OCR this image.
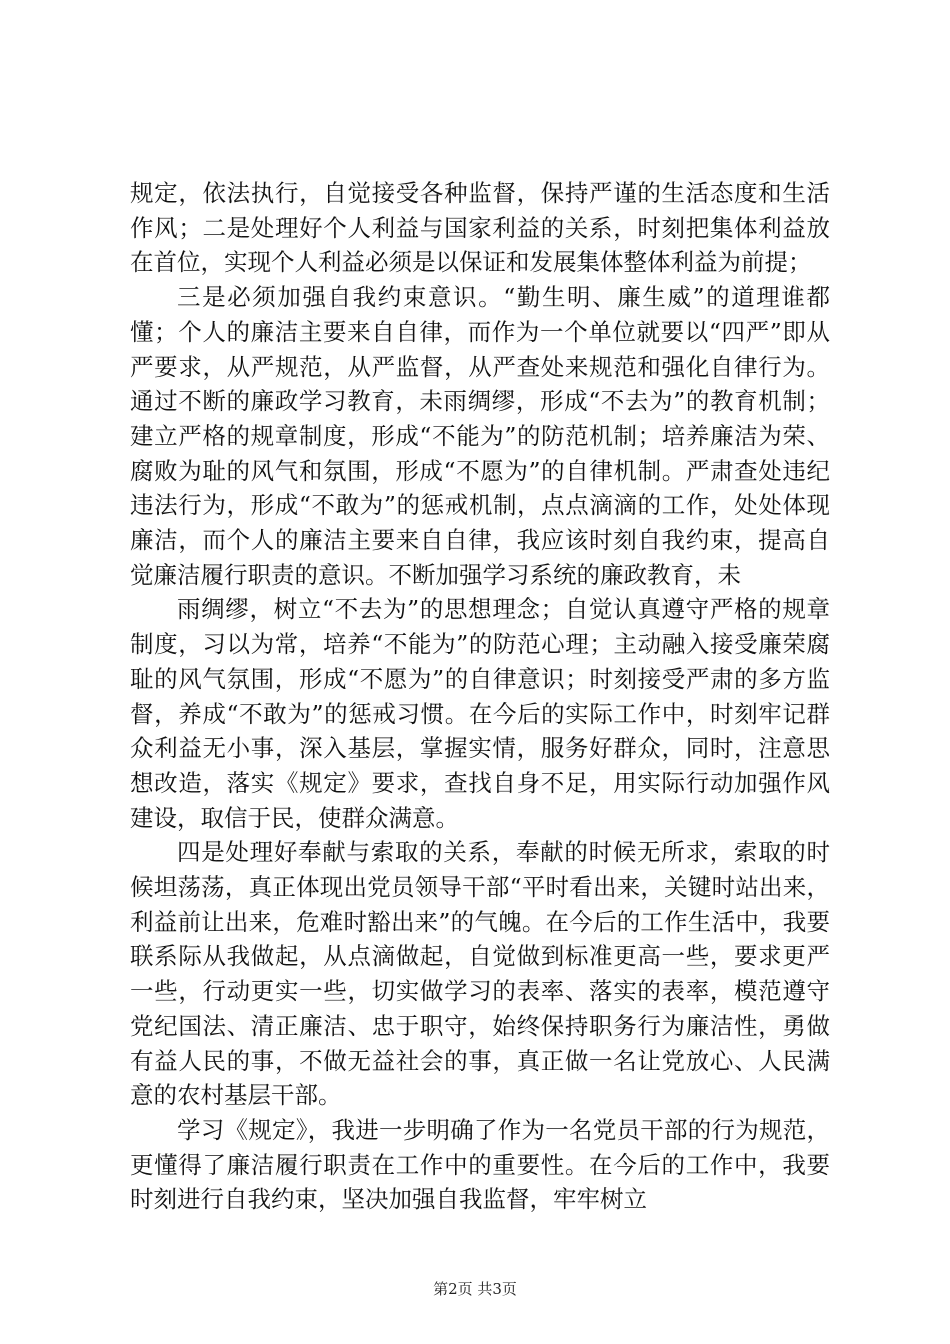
规定，依法执行，自觉接受各种监督，保持严谨的生活态度和生活作风；二是处理好个人利益与国家利益的关系，时刻把集体利益放在首位，实现个人利益必须是以保证和发展集体整体利益为前提；

三是必须加强自我约束意识。“勤生明、廉生威”的道理谁都懂；个人的廉洁主要来自自律，而作为一个单位就要以“四严”即从严要求，从严规范，从严监督，从严查处来规范和强化自律行为。通过不断的廉政学习教育，未雨绸缪，形成“不去为”的教育机制；建立严格的规章制度，形成“不能为”的防范机制；培养廉洁为荣、腐败为耻的风气和氛围，形成“不愿为”的自律机制。严肃查处违纪违法行为，形成“不敢为”的惩戒机制，点点滴滴的工作，处处体现廉洁，而个人的廉洁主要来自自律，我应该时刻自我约束，提高自觉廉洁履行职责的意识。不断加强学习系统的廉政教育，未

雨绸缪，树立“不去为”的思想理念；自觉认真遵守严格的规章制度，习以为常，培养“不能为”的防范心理；主动融入接受廉荣腐耻的风气氛围，形成“不愿为”的自律意识；时刻接受严肃的多方监督，养成“不敢为”的惩戒习惯。在今后的实际工作中，时刻牢记群众利益无小事，深入基层，掌握实情，服务好群众，同时，注意思想改造，落实《规定》要求，查找自身不足，用实际行动加强作风建设，取信于民，使群众满意。

四是处理好奉献与索取的关系，奉献的时候无所求，索取的时候坦荡荡，真正体现出党员领导干部“平时看出来，关键时站出来，利益前让出来，危难时豁出来”的气魄。在今后的工作生活中，我要联系际从我做起，从点滴做起，自觉做到标准更高一些，要求更严一些，行动更实一些，切实做学习的表率、落实的表率，模范遵守党纪国法、清正廉洁、忠于职守，始终保持职务行为廉洁性，勇做有益人民的事，不做无益社会的事，真正做一名让党放心、人民满意的农村基层干部。

学习《规定》，我进一步明确了作为一名党员干部的行为规范，更懂得了廉洁履行职责在工作中的重要性。在今后的工作中，我要时刻进行自我约束，坚决加强自我监督，牢牢树立

第2页 共3页
